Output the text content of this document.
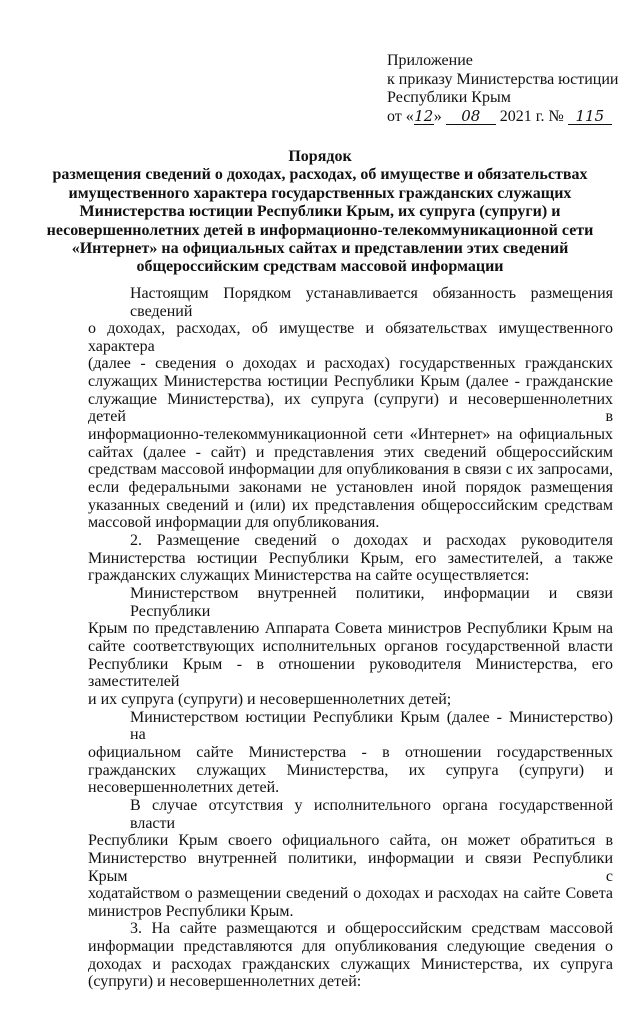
Приложение
к приказу Министерства юстиции
Республики Крым
от «12» 08 2021 г. № 115
Порядок
размещения сведений о доходах, расходах, об имуществе и обязательствах
имущественного характера государственных гражданских служащих
Министерства юстиции Республики Крым, их супруга (супруги) и
несовершеннолетних детей в информационно-телекоммуникационной сети
«Интернет» на официальных сайтах и представлении этих сведений
общероссийским средствам массовой информации
Настоящим Порядком устанавливается обязанность размещения сведений
о доходах, расходах, об имуществе и обязательствах имущественного характера
(далее - сведения о доходах и расходах) государственных гражданских
служащих Министерства юстиции Республики Крым (далее - гражданские
служащие Министерства), их супруга (супруги) и несовершеннолетних детей в
информационно-телекоммуникационной сети «Интернет» на официальных
сайтах (далее - сайт) и представления этих сведений общероссийским
средствам массовой информации для опубликования в связи с их запросами,
если федеральными законами не установлен иной порядок размещения
указанных сведений и (или) их представления общероссийским средствам
массовой информации для опубликования.
2. Размещение сведений о доходах и расходах руководителя
Министерства юстиции Республики Крым, его заместителей, а также
гражданских служащих Министерства на сайте осуществляется:
Министерством внутренней политики, информации и связи Республики
Крым по представлению Аппарата Совета министров Республики Крым на
сайте соответствующих исполнительных органов государственной власти
Республики Крым - в отношении руководителя Министерства, его заместителей
и их супруга (супруги) и несовершеннолетних детей;
Министерством юстиции Республики Крым (далее - Министерство) на
официальном сайте Министерства - в отношении государственных
гражданских служащих Министерства, их супруга (супруги) и
несовершеннолетних детей.
В случае отсутствия у исполнительного органа государственной власти
Республики Крым своего официального сайта, он может обратиться в
Министерство внутренней политики, информации и связи Республики Крым с
ходатайством о размещении сведений о доходах и расходах на сайте Совета
министров Республики Крым.
3. На сайте размещаются и общероссийским средствам массовой
информации представляются для опубликования следующие сведения о
доходах и расходах гражданских служащих Министерства, их супруга
(супруги) и несовершеннолетних детей:
